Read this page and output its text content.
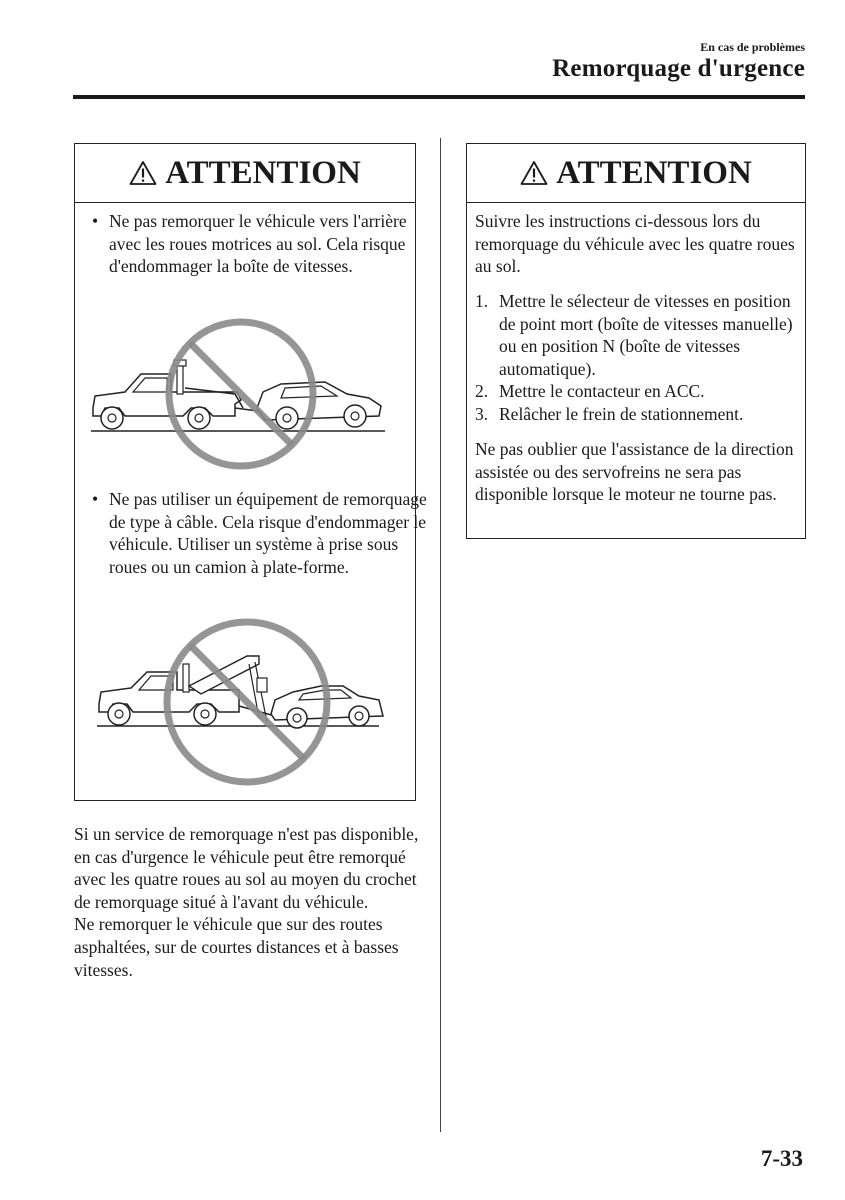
En cas de problèmes
Remorquage d'urgence
ATTENTION
• Ne pas remorquer le véhicule vers l'arrière avec les roues motrices au sol. Cela risque d'endommager la boîte de vitesses.
• Ne pas utiliser un équipement de remorquage de type à câble. Cela risque d'endommager le véhicule. Utiliser un système à prise sous roues ou un camion à plate-forme.
Si un service de remorquage n'est pas disponible, en cas d'urgence le véhicule peut être remorqué avec les quatre roues au sol au moyen du crochet de remorquage situé à l'avant du véhicule.
Ne remorquer le véhicule que sur des routes asphaltées, sur de courtes distances et à basses vitesses.
ATTENTION
Suivre les instructions ci-dessous lors du remorquage du véhicule avec les quatre roues au sol.
1. Mettre le sélecteur de vitesses en position de point mort (boîte de vitesses manuelle) ou en position N (boîte de vitesses automatique).
2. Mettre le contacteur en ACC.
3. Relâcher le frein de stationnement.
Ne pas oublier que l'assistance de la direction assistée ou des servofreins ne sera pas disponible lorsque le moteur ne tourne pas.
7-33
